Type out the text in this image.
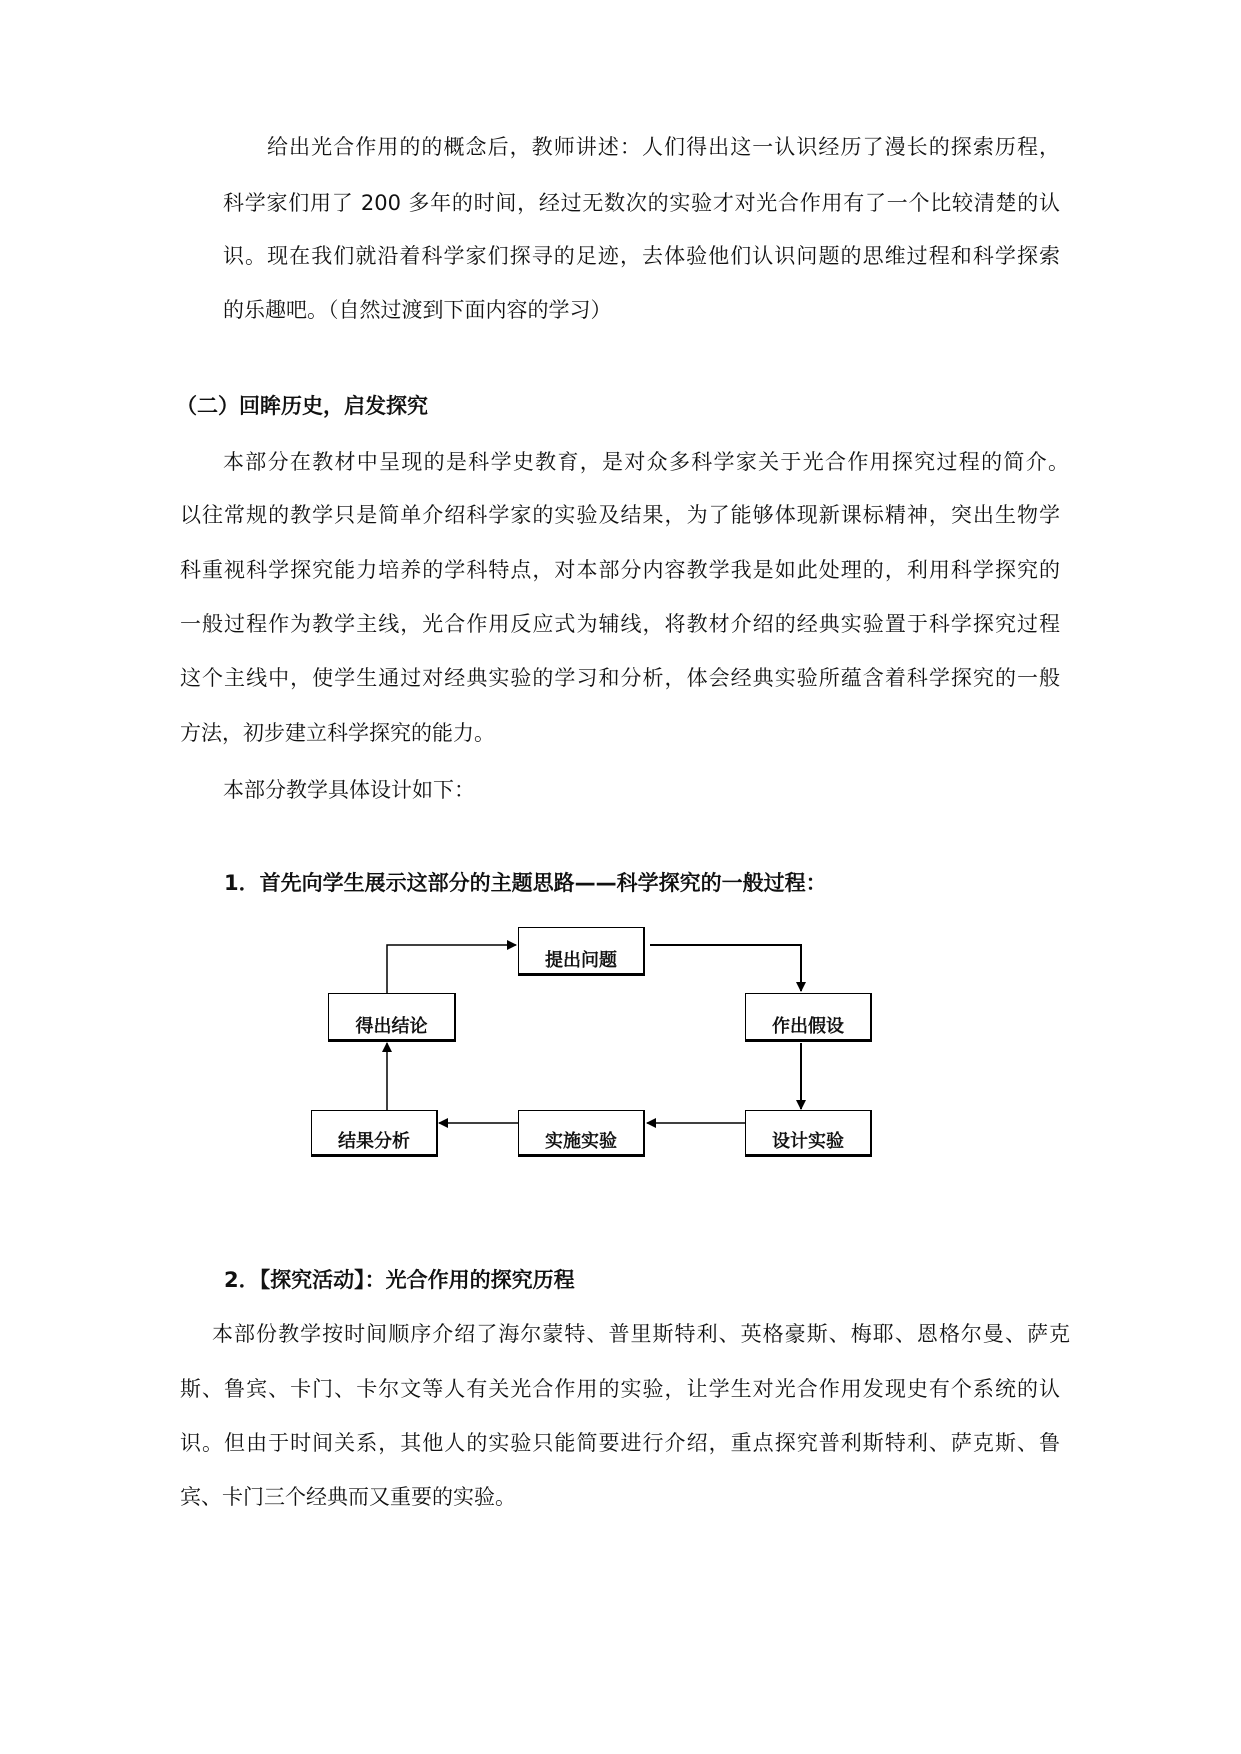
给出光合作用的的概念后，教师讲述：人们得出这一认识经历了漫长的探索历程，
科学家们用了 200 多年的时间，经过无数次的实验才对光合作用有了一个比较清楚的认
识。现在我们就沿着科学家们探寻的足迹，去体验他们认识问题的思维过程和科学探索
的乐趣吧。（自然过渡到下面内容的学习）
（二）回眸历史，启发探究
本部分在教材中呈现的是科学史教育，是对众多科学家关于光合作用探究过程的简介。
以往常规的教学只是简单介绍科学家的实验及结果，为了能够体现新课标精神，突出生物学
科重视科学探究能力培养的学科特点，对本部分内容教学我是如此处理的，利用科学探究的
一般过程作为教学主线，光合作用反应式为辅线，将教材介绍的经典实验置于科学探究过程
这个主线中，使学生通过对经典实验的学习和分析，体会经典实验所蕴含着科学探究的一般
方法，初步建立科学探究的能力。
本部分教学具体设计如下：
1．首先向学生展示这部分的主题思路——科学探究的一般过程：
提出问题
作出假设
设计实验
实施实验
结果分析
得出结论
2．【探究活动】：光合作用的探究历程
本部份教学按时间顺序介绍了海尔蒙特、普里斯特利、英格豪斯、梅耶、恩格尔曼、萨克
斯、鲁宾、卡门、卡尔文等人有关光合作用的实验，让学生对光合作用发现史有个系统的认
识。但由于时间关系，其他人的实验只能简要进行介绍，重点探究普利斯特利、萨克斯、鲁
宾、卡门三个经典而又重要的实验。
